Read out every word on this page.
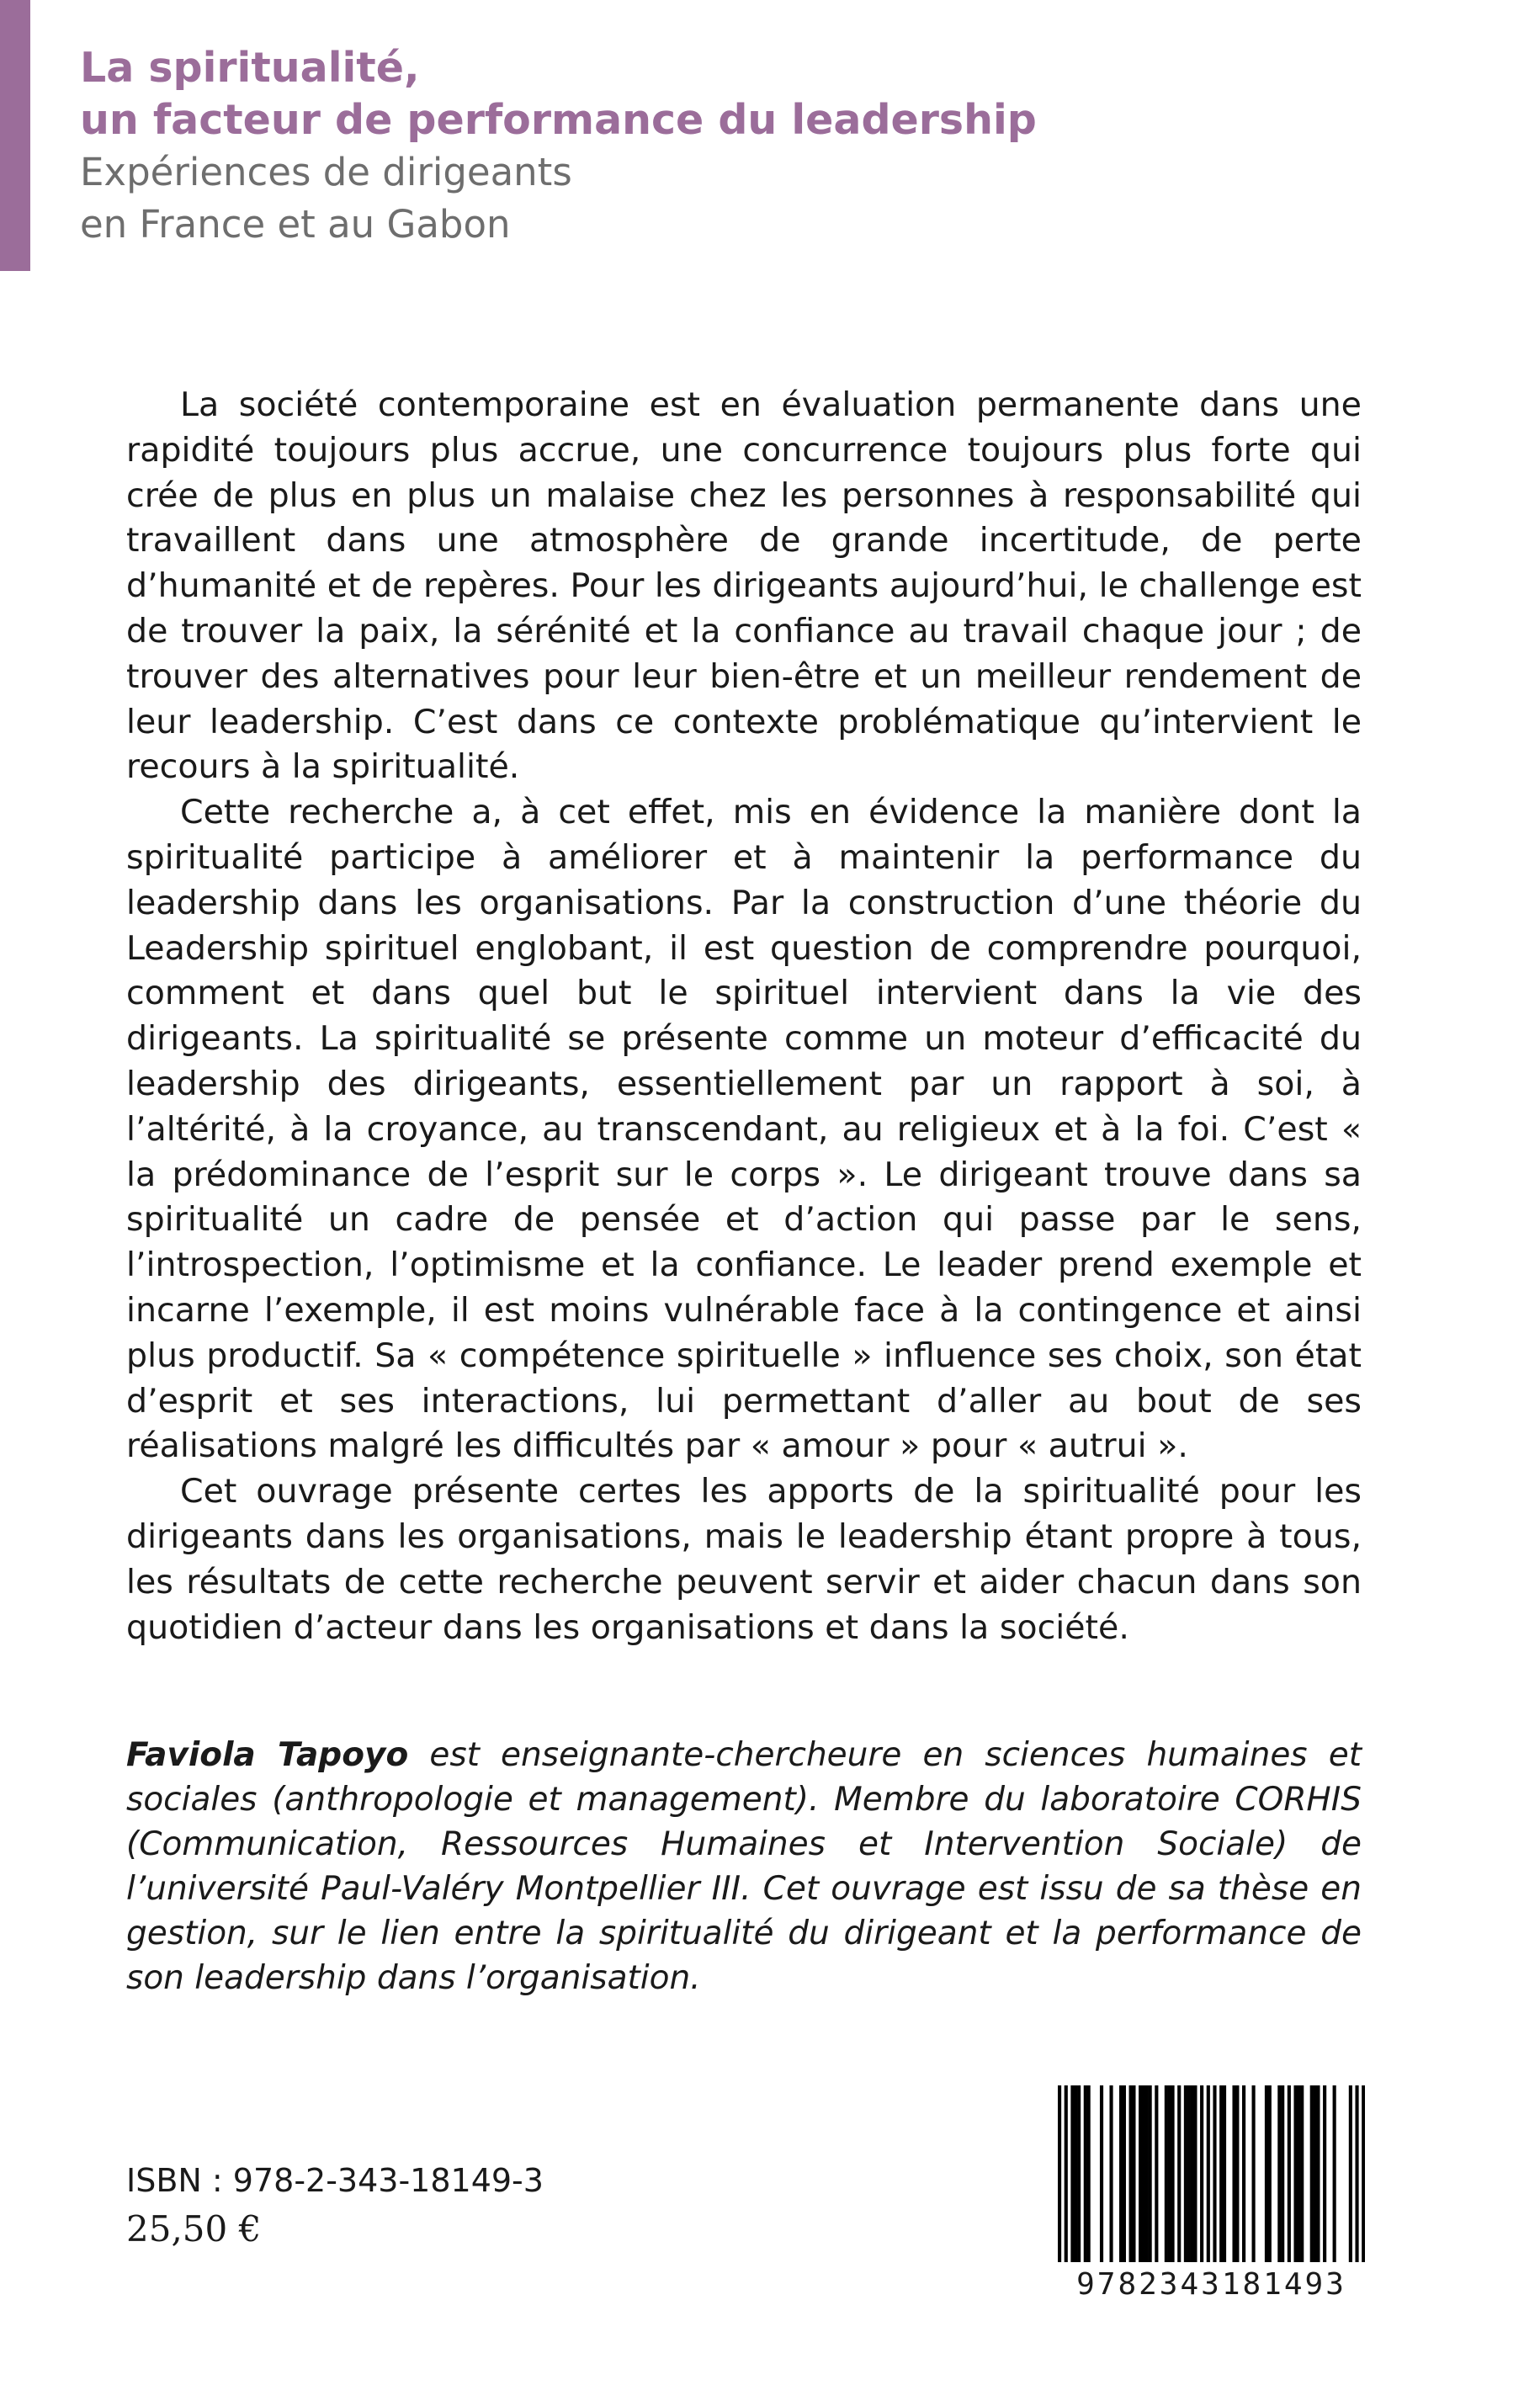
La spiritualité,
un facteur de performance du leadership
Expériences de dirigeants
en France et au Gabon

La société contemporaine est en évaluation permanente dans une rapidité toujours plus accrue, une concurrence toujours plus forte qui crée de plus en plus un malaise chez les personnes à responsabilité qui travaillent dans une atmosphère de grande incertitude, de perte d’humanité et de repères. Pour les dirigeants aujourd’hui, le challenge est de trouver la paix, la sérénité et la confiance au travail chaque jour ; de trouver des alternatives pour leur bien-être et un meilleur rendement de leur leadership. C’est dans ce contexte problématique qu’intervient le recours à la spiritualité.

Cette recherche a, à cet effet, mis en évidence la manière dont la spiritualité participe à améliorer et à maintenir la performance du leadership dans les organisations. Par la construction d’une théorie du Leadership spirituel englobant, il est question de comprendre pourquoi, comment et dans quel but le spirituel intervient dans la vie des dirigeants. La spiritualité se présente comme un moteur d’efficacité du leadership des dirigeants, essentiellement par un rapport à soi, à l’altérité, à la croyance, au transcendant, au religieux et à la foi. C’est « la prédominance de l’esprit sur le corps ». Le dirigeant trouve dans sa spiritualité un cadre de pensée et d’action qui passe par le sens, l’introspection, l’optimisme et la confiance. Le leader prend exemple et incarne l’exemple, il est moins vulnérable face à la contingence et ainsi plus productif. Sa « compétence spirituelle » influence ses choix, son état d’esprit et ses interactions, lui permettant d’aller au bout de ses réalisations malgré les difficultés par « amour » pour « autrui ».

Cet ouvrage présente certes les apports de la spiritualité pour les dirigeants dans les organisations, mais le leadership étant propre à tous, les résultats de cette recherche peuvent servir et aider chacun dans son quotidien d’acteur dans les organisations et dans la société.

Faviola Tapoyo est enseignante-chercheure en sciences humaines et sociales (anthropologie et management). Membre du laboratoire CORHIS (Communication, Ressources Humaines et Intervention Sociale) de l’université Paul-Valéry Montpellier III. Cet ouvrage est issu de sa thèse en gestion, sur le lien entre la spiritualité du dirigeant et la performance de son leadership dans l’organisation.

ISBN : 978-2-343-18149-3
25,50 €
9782343181493
